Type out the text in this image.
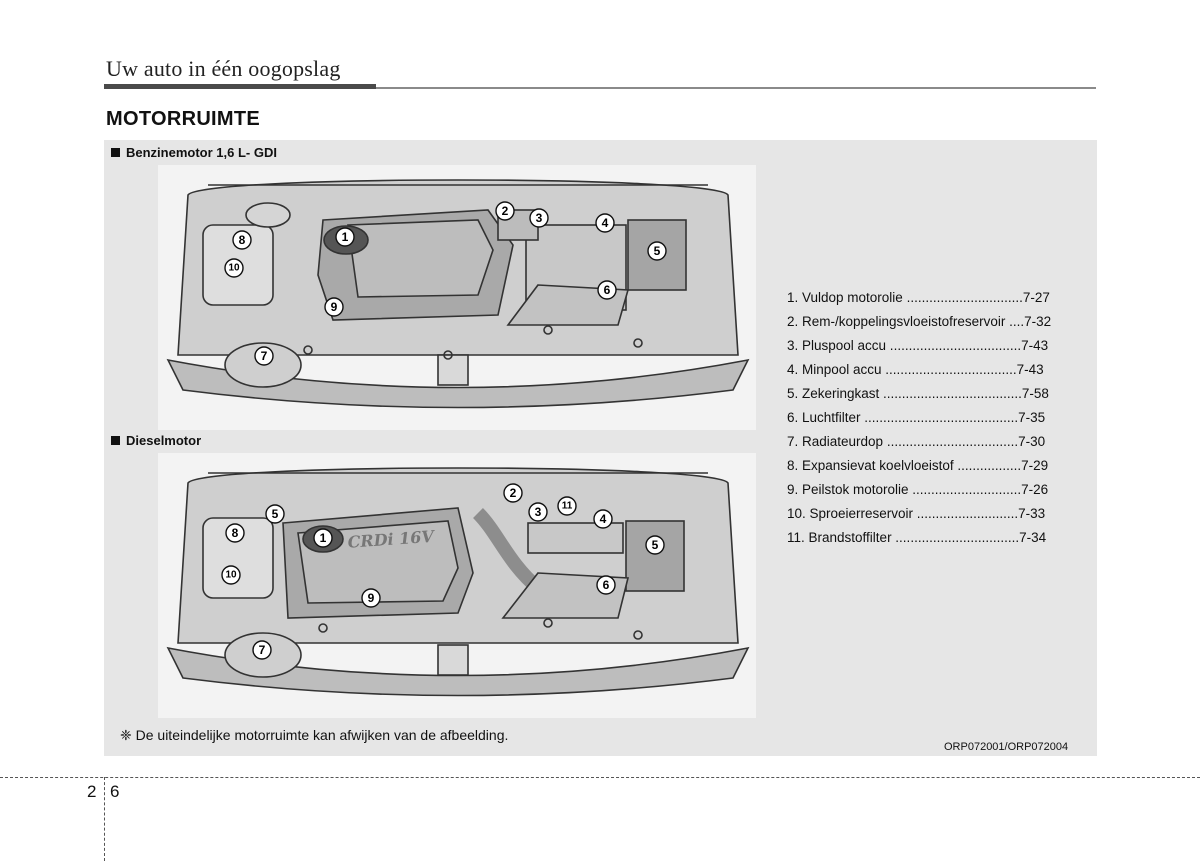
Uw auto in één oogopslag
MOTORRUIMTE
Benzinemotor 1,6 L- GDI
1
2 3	4
5
6
7
8
9
10
Dieselmotor
CRDi 16V
1
2
3	4
5
5
6
7
8
9
10
11
1. Vuldop motorolie ...............................7-27
2. Rem-/koppelingsvloeistofreservoir ....7-32
3. Pluspool accu ...................................7-43
4. Minpool accu ...................................7-43
5. Zekeringkast .....................................7-58
6. Luchtfilter .........................................7-35
7. Radiateurdop ...................................7-30
8. Expansievat koelvloeistof .................7-29
9. Peilstok motorolie .............................7-26
10. Sproeierreservoir ...........................7-33
11. Brandstoffilter .................................7-34
❈ De uiteindelijke motorruimte kan afwijken van de afbeelding.
ORP072001/ORP072004
2 6
